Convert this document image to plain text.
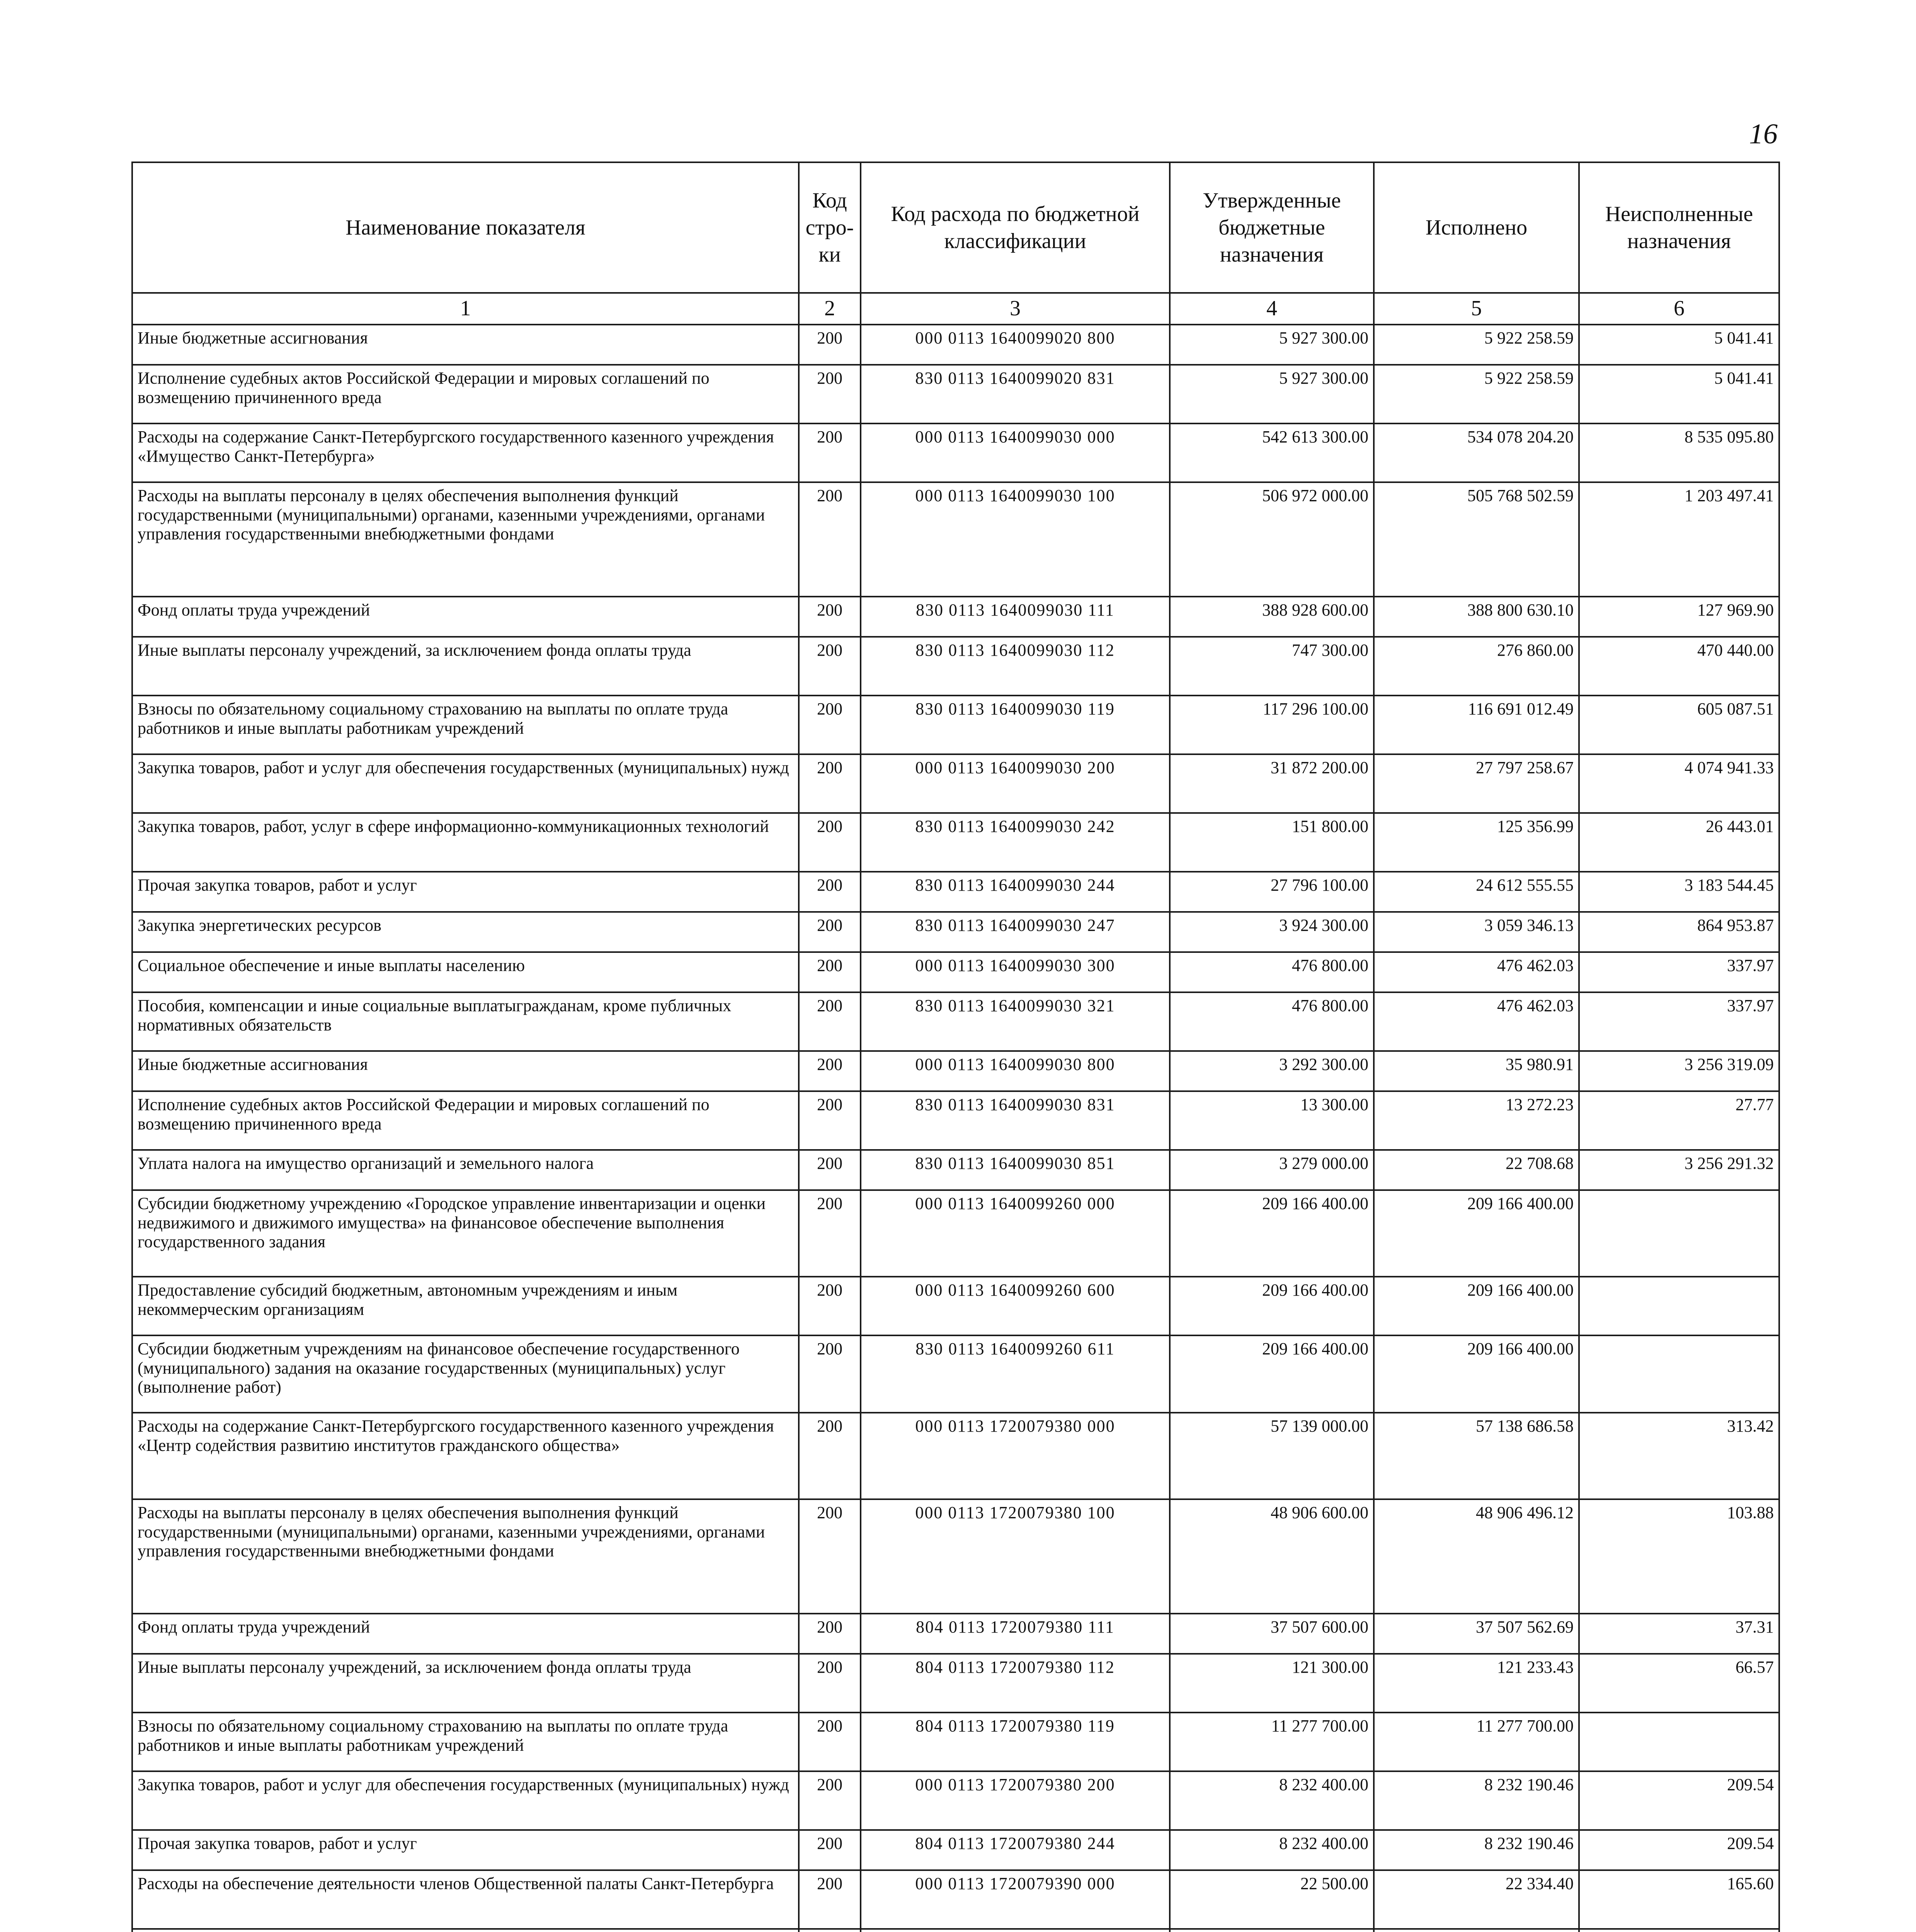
16
Наименование показателя	Код стро-ки	Код расхода по бюджетной классификации	Утвержденные бюджетные назначения	Исполнено	Неисполненные назначения
1	2	3	4	5	6
Иные бюджетные ассигнования	200	000 0113 1640099020 800	5 927 300.00	5 922 258.59	5 041.41
Исполнение судебных актов Российской Федерации и мировых соглашений по возмещению причиненного вреда	200	830 0113 1640099020 831	5 927 300.00	5 922 258.59	5 041.41
Расходы на содержание Санкт-Петербургского государственного казенного учреждения «Имущество Санкт-Петербурга»	200	000 0113 1640099030 000	542 613 300.00	534 078 204.20	8 535 095.80
Расходы на выплаты персоналу в целях обеспечения выполнения функций государственными (муниципальными) органами, казенными учреждениями, органами управления государственными внебюджетными фондами	200	000 0113 1640099030 100	506 972 000.00	505 768 502.59	1 203 497.41
Фонд оплаты труда учреждений	200	830 0113 1640099030 111	388 928 600.00	388 800 630.10	127 969.90
Иные выплаты персоналу учреждений, за исключением фонда оплаты труда	200	830 0113 1640099030 112	747 300.00	276 860.00	470 440.00
Взносы по обязательному социальному страхованию на выплаты по оплате труда работников и иные выплаты работникам учреждений	200	830 0113 1640099030 119	117 296 100.00	116 691 012.49	605 087.51
Закупка товаров, работ и услуг для обеспечения государственных (муниципальных) нужд	200	000 0113 1640099030 200	31 872 200.00	27 797 258.67	4 074 941.33
Закупка товаров, работ, услуг в сфере информационно-коммуникационных технологий	200	830 0113 1640099030 242	151 800.00	125 356.99	26 443.01
Прочая закупка товаров, работ и услуг	200	830 0113 1640099030 244	27 796 100.00	24 612 555.55	3 183 544.45
Закупка энергетических ресурсов	200	830 0113 1640099030 247	3 924 300.00	3 059 346.13	864 953.87
Социальное обеспечение и иные выплаты населению	200	000 0113 1640099030 300	476 800.00	476 462.03	337.97
Пособия, компенсации и иные социальные выплатыгражданам, кроме публичных нормативных обязательств	200	830 0113 1640099030 321	476 800.00	476 462.03	337.97
Иные бюджетные ассигнования	200	000 0113 1640099030 800	3 292 300.00	35 980.91	3 256 319.09
Исполнение судебных актов Российской Федерации и мировых соглашений по возмещению причиненного вреда	200	830 0113 1640099030 831	13 300.00	13 272.23	27.77
Уплата налога на имущество организаций и земельного налога	200	830 0113 1640099030 851	3 279 000.00	22 708.68	3 256 291.32
Субсидии бюджетному учреждению «Городское управление инвентаризации и оценки недвижимого и движимого имущества» на финансовое обеспечение выполнения государственного задания	200	000 0113 1640099260 000	209 166 400.00	209 166 400.00	
Предоставление субсидий бюджетным, автономным учреждениям и иным некоммерческим организациям	200	000 0113 1640099260 600	209 166 400.00	209 166 400.00	
Субсидии бюджетным учреждениям на финансовое обеспечение государственного (муниципального) задания на оказание государственных (муниципальных) услуг (выполнение работ)	200	830 0113 1640099260 611	209 166 400.00	209 166 400.00	
Расходы на содержание Санкт-Петербургского государственного казенного учреждения «Центр содействия развитию институтов гражданского общества»	200	000 0113 1720079380 000	57 139 000.00	57 138 686.58	313.42
Расходы на выплаты персоналу в целях обеспечения выполнения функций государственными (муниципальными) органами, казенными учреждениями, органами управления государственными внебюджетными фондами	200	000 0113 1720079380 100	48 906 600.00	48 906 496.12	103.88
Фонд оплаты труда учреждений	200	804 0113 1720079380 111	37 507 600.00	37 507 562.69	37.31
Иные выплаты персоналу учреждений, за исключением фонда оплаты труда	200	804 0113 1720079380 112	121 300.00	121 233.43	66.57
Взносы по обязательному социальному страхованию на выплаты по оплате труда работников и иные выплаты работникам учреждений	200	804 0113 1720079380 119	11 277 700.00	11 277 700.00	
Закупка товаров, работ и услуг для обеспечения государственных (муниципальных) нужд	200	000 0113 1720079380 200	8 232 400.00	8 232 190.46	209.54
Прочая закупка товаров, работ и услуг	200	804 0113 1720079380 244	8 232 400.00	8 232 190.46	209.54
Расходы на обеспечение деятельности членов Общественной палаты Санкт-Петербурга	200	000 0113 1720079390 000	22 500.00	22 334.40	165.60
